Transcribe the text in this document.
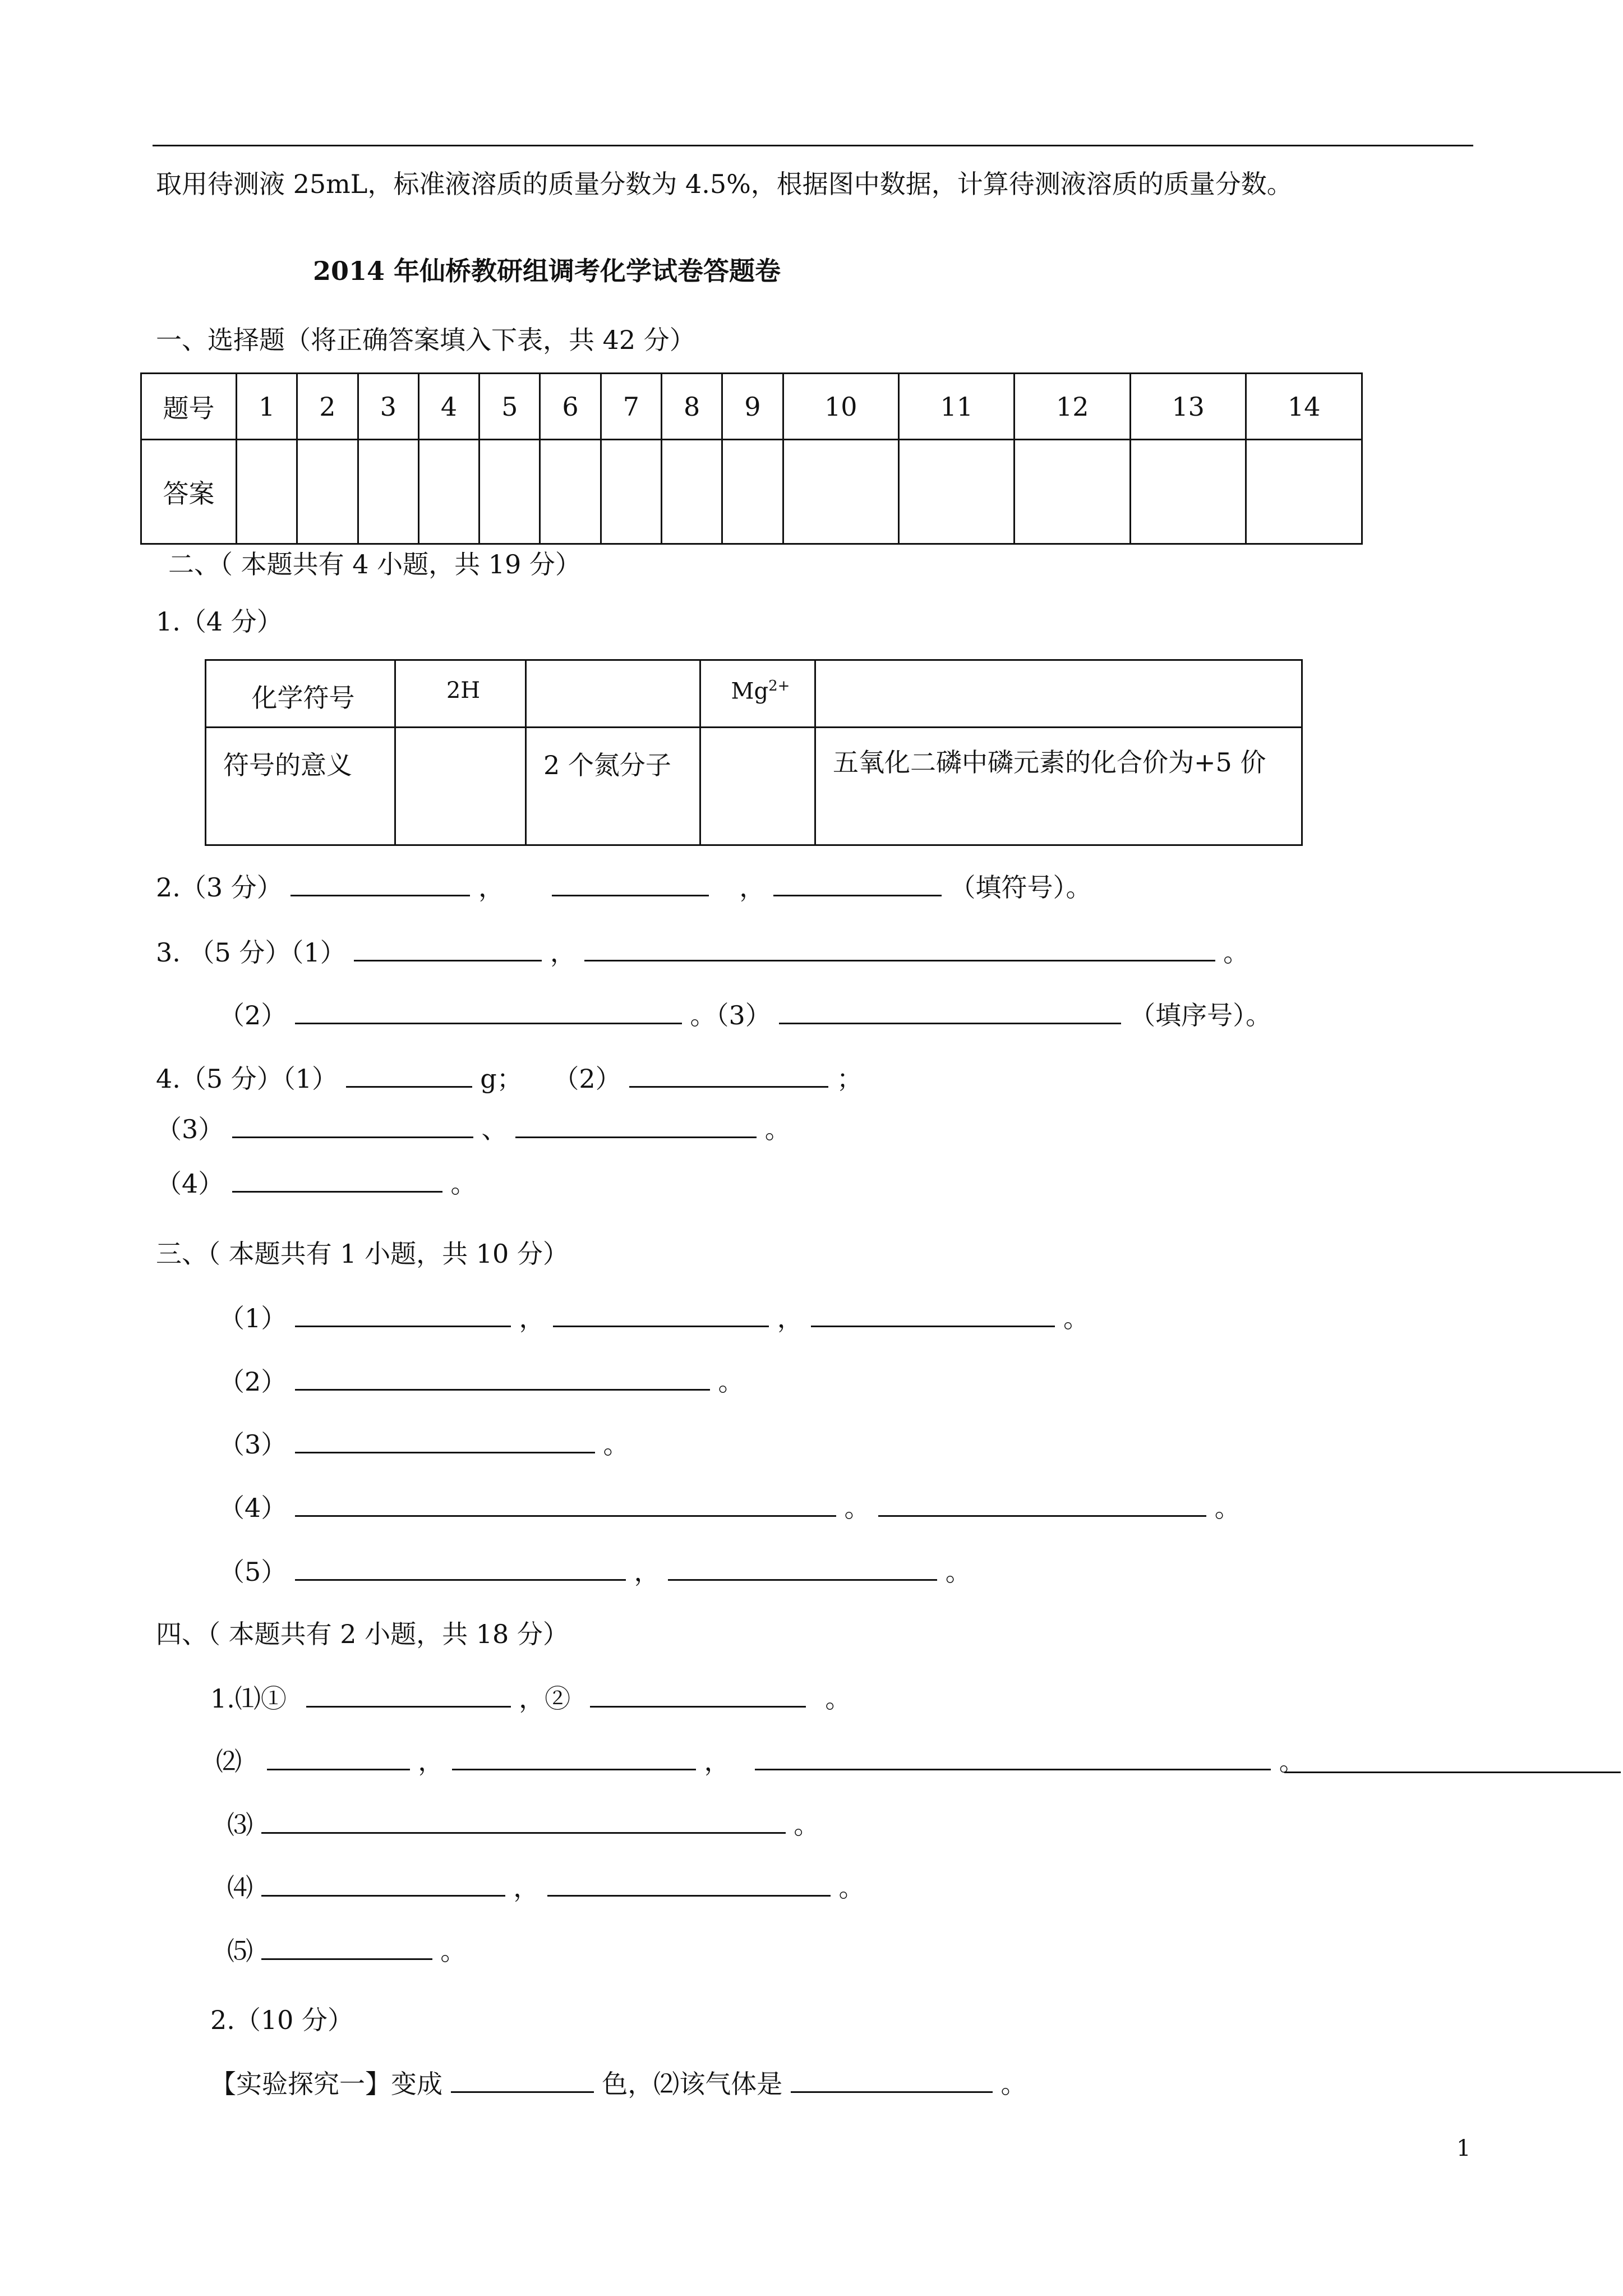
取用待测液 25mL，标准液溶质的质量分数为 4.5%，根据图中数据，计算待测液溶质的质量分数。
2014 年仙桥教研组调考化学试卷答题卷
一、选择题（将正确答案填入下表，共 42 分）
题号	1	2	3	4	5	6	7	8	9	10	11	12	13	14
答案														
二、（ 本题共有 4 小题，共 19 分）
1.（4 分）
化学符号	2H		$Mg^{2+}$	
符号的意义		2 个氮分子		五氧化二磷中磷元素的化合价为+5 价
2.（3 分）	，	，	（填符号）。
3. （5 分）（1）	，	。
（2）	。（3）	（填序号）。
4.（5 分）（1）	g； （2）	；
（3）	、	。
（4）	。
三、（ 本题共有 1 小题，共 10 分）
（1）	，	，	。
（2）	。
（3）	。
（4）	。	。
（5）	，	。
四、（ 本题共有 2 小题，共 18 分）
1.⑴①	，②	。
⑵	，	，	。
⑶	。
⑷	，	。
⑸	。
2.（10 分）
【实验探究一】变成	色，⑵该气体是	。
1
